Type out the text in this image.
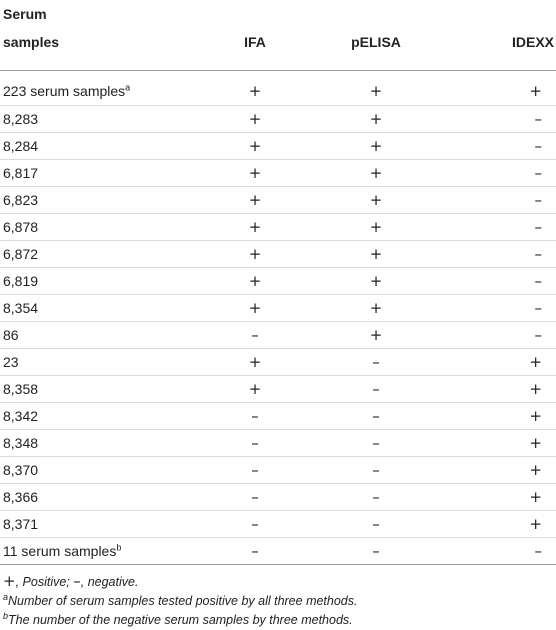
Serum
samples	IFA	pELISA	IDEXX
223 serum samples$^a$	+	+	+
8,283	+	+	–
8,284	+	+	–
6,817	+	+	–
6,823	+	+	–
6,878	+	+	–
6,872	+	+	–
6,819	+	+	–
8,354	+	+	–
86	–	+	–
23	+	–	+
8,358	+	–	+
8,342	–	–	+
8,348	–	–	+
8,370	–	–	+
8,366	–	–	+
8,371	–	–	+
11 serum samples$^b$	–	–	–
+, Positive; –, negative.
$^a$Number of serum samples tested positive by all three methods.
$^b$The number of the negative serum samples by three methods.
